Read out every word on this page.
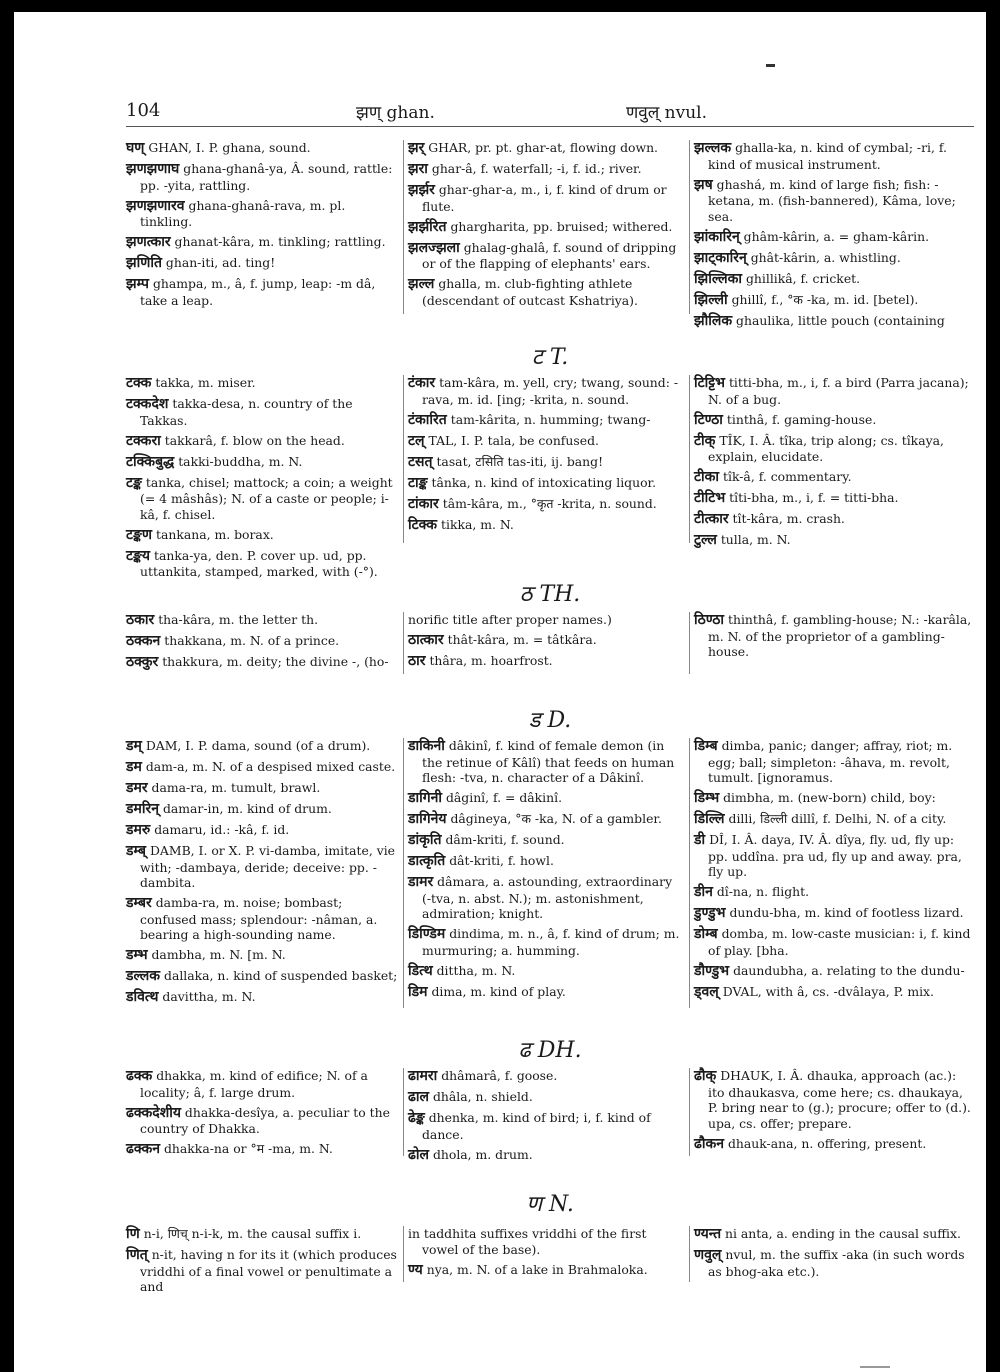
104	झण् ghan.	णवुल् nvul.
घण् GHAN, I. P. ghana, sound.
झणझणाघ ghana-ghanâ-ya, Â. sound, rattle: pp. -yita, rattling.
झणझणारव ghana-ghanâ-rava, m. pl. tinkling.
झणत्कार ghanat-kâra, m. tinkling; rattling.
झणिति ghan-iti, ad. ting!
झम्प ghampa, m., â, f. jump, leap: -m dâ, take a leap.
झर् GHAR, pr. pt. ghar-at, flowing down.
झरा ghar-â, f. waterfall; -i, f. id.; river.
झर्झर ghar-ghar-a, m., i, f. kind of drum or flute.
झर्झरित ghargharita, pp. bruised; withered.
झलज्झला ghalag-ghalâ, f. sound of dripping or of the flapping of elephants' ears.
झल्ल ghalla, m. club-fighting athlete (descendant of outcast Kshatriya).
झल्लक ghalla-ka, n. kind of cymbal; -ri, f. kind of musical instrument.
झष ghashá, m. kind of large fish; fish: -ketana, m. (fish-bannered), Kâma, love; sea.
झांकारिन् ghâm-kârin, a. = gham-kârin.
झाट्कारिन् ghât-kârin, a. whistling.
झिल्लिका ghillikâ, f. cricket.
झिल्ली ghillî, f., °क -ka, m. id. [betel).
झौलिक ghaulika, little pouch (containing
ट T.
टक्क takka, m. miser.
टक्कदेश takka-desa, n. country of the Takkas.
टक्करा takkarâ, f. blow on the head.
टक्किबुद्ध takki-buddha, m. N.
टङ्क tanka, chisel; mattock; a coin; a weight (= 4 mâshâs); N. of a caste or people; i-kâ, f. chisel.
टङ्कण tankana, m. borax.
टङ्कय tanka-ya, den. P. cover up. ud, pp. uttankita, stamped, marked, with (-°).
टंकार tam-kâra, m. yell, cry; twang, sound: -rava, m. id. [ing; -krita, n. sound.
टंकारित tam-kârita, n. humming; twang-
टल् TAL, I. P. tala, be confused.
टसत् tasat, टसिति tas-iti, ij. bang!
टाङ्क tânka, n. kind of intoxicating liquor.
टांकार tâm-kâra, m., °कृत -krita, n. sound.
टिक्क tikka, m. N.
टिट्टिभ titti-bha, m., i, f. a bird (Parra jacana); N. of a bug.
टिण्ठा tinthâ, f. gaming-house.
टीक् TÎK, I. Â. tîka, trip along; cs. tîkaya, explain, elucidate.
टीका tîk-â, f. commentary.
टीटिभ tîti-bha, m., i, f. = titti-bha.
टीत्कार tît-kâra, m. crash.
टुल्ल tulla, m. N.
ठ TH.
ठकार tha-kâra, m. the letter th.
ठक्कन thakkana, m. N. of a prince.
ठक्कुर thakkura, m. deity; the divine -, (ho-
norific title after proper names.)
ठात्कार thât-kâra, m. = tâtkâra.
ठार thâra, m. hoarfrost.
ठिण्ठा thinthâ, f. gambling-house; N.: -karâla, m. N. of the proprietor of a gambling-house.
ड D.
डम् DAM, I. P. dama, sound (of a drum).
डम dam-a, m. N. of a despised mixed caste.
डमर dama-ra, m. tumult, brawl.
डमरिन् damar-in, m. kind of drum.
डमरु damaru, id.: -kâ, f. id.
डम्ब् DAMB, I. or X. P. vi-damba, imitate, vie with; -dambaya, deride; deceive: pp. -dambita.
डम्बर damba-ra, m. noise; bombast; confused mass; splendour: -nâman, a. bearing a high-sounding name.
डम्भ dambha, m. N. [m. N.
डल्लक dallaka, n. kind of suspended basket;
डवित्थ davittha, m. N.
डाकिनी dâkinî, f. kind of female demon (in the retinue of Kâlî) that feeds on human flesh: -tva, n. character of a Dâkinî.
डागिनी dâginî, f. = dâkinî.
डागिनेय dâgineya, °क -ka, N. of a gambler.
डांकृति dâm-kriti, f. sound.
डात्कृति dât-kriti, f. howl.
डामर dâmara, a. astounding, extraordinary (-tva, n. abst. N.); m. astonishment, admiration; knight.
डिण्डिम dindima, m. n., â, f. kind of drum; m. murmuring; a. humming.
डित्थ dittha, m. N.
डिम dima, m. kind of play.
डिम्ब dimba, panic; danger; affray, riot; m. egg; ball; simpleton: -âhava, m. revolt, tumult. [ignoramus.
डिम्भ dimbha, m. (new-born) child, boy:
डिल्लि dilli, डिल्ली dillî, f. Delhi, N. of a city.
डी DÎ, I. Â. daya, IV. Â. dîya, fly. ud, fly up: pp. uddîna. pra ud, fly up and away. pra, fly up.
डीन dî-na, n. flight.
डुण्डुभ dundu-bha, m. kind of footless lizard.
डोम्ब domba, m. low-caste musician: i, f. kind of play. [bha.
डौण्डुभ daundubha, a. relating to the dundu-
ड्वल् DVAL, with â, cs. -dvâlaya, P. mix.
ढ DH.
ढक्क dhakka, m. kind of edifice; N. of a locality; â, f. large drum.
ढक्कदेशीय dhakka-desîya, a. peculiar to the country of Dhakka.
ढक्कन dhakka-na or °म -ma, m. N.
ढामरा dhâmarâ, f. goose.
ढाल dhâla, n. shield.
ढेङ्क dhenka, m. kind of bird; i, f. kind of dance.
ढोल dhola, m. drum.
ढौक् DHAUK, I. Â. dhauka, approach (ac.): ito dhaukasva, come here; cs. dhaukaya, P. bring near to (g.); procure; offer to (d.). upa, cs. offer; prepare.
ढौकन dhauk-ana, n. offering, present.
ण N.
णि n-i, णिच् n-i-k, m. the causal suffix i.
णित् n-it, having n for its it (which produces vriddhi of a final vowel or penultimate a and
in taddhita suffixes vriddhi of the first vowel of the base).
ण्य nya, m. N. of a lake in Brahmaloka.
ण्यन्त ni anta, a. ending in the causal suffix.
णवुल् nvul, m. the suffix -aka (in such words as bhog-aka etc.).
